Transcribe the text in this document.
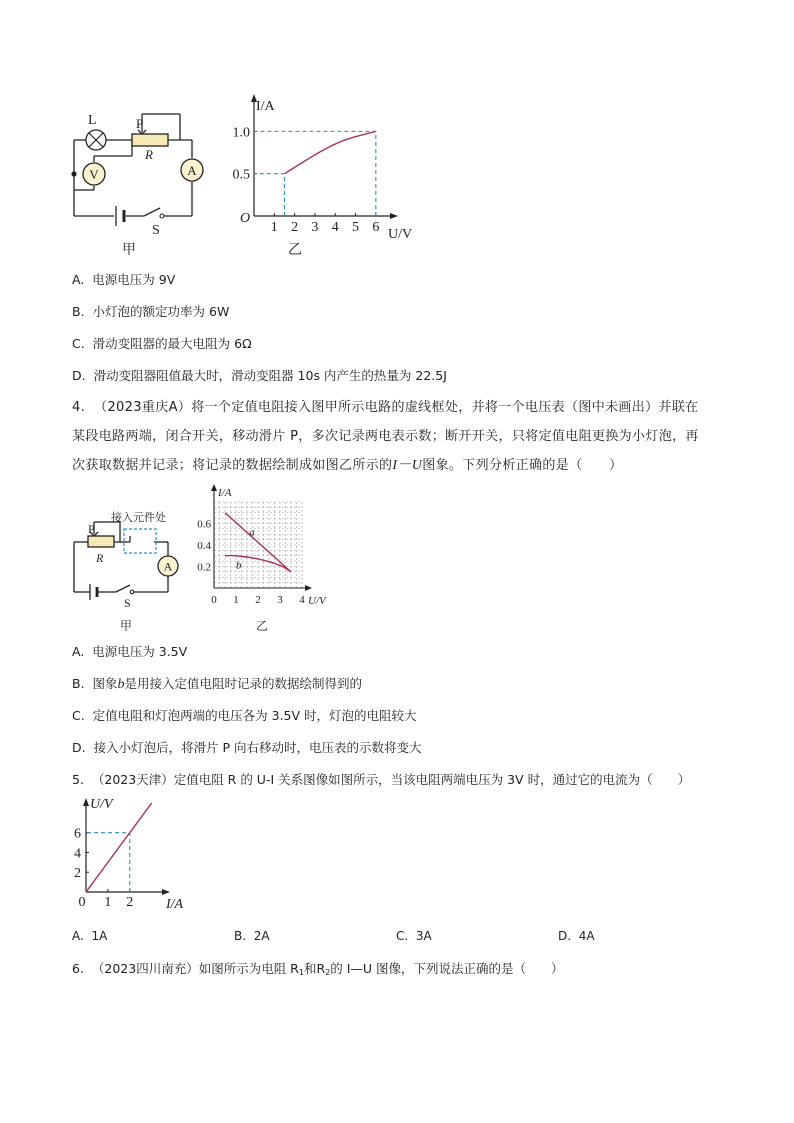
V	A
L	P
R
S
甲
1 2 3 4 5 6
0.5
1.0
O
I/A
U/V
乙
A. 电源电压为 9V
B. 小灯泡的额定功率为 6W
C. 滑动变阻器的最大电阻为 6Ω
D. 滑动变阻器阻值最大时，滑动变阻器 10s 内产生的热量为 22.5J
4. （2023重庆A）将一个定值电阻接入图甲所示电路的虚线框处，并将一个电压表（图中未画出）并联在
某段电路两端，闭合开关，移动滑片 P，多次记录两电表示数；断开开关，只将定值电阻更换为小灯泡，再
次获取数据并记录；将记录的数据绘制成如图乙所示的I－U图象。下列分析正确的是（　　）
接入元件处
A
P
R
S
甲
0 1 2 3 4
0.2
0.4
0.6
I/A
U/V
a
b
乙
A. 电源电压为 3.5V
B. 图象b是用接入定值电阻时记录的数据绘制得到的
C. 定值电阻和灯泡两端的电压各为 3.5V 时，灯泡的电阻较大
D. 接入小灯泡后，将滑片 P 向右移动时，电压表的示数将变大
5. （2023天津）定值电阻 R 的 U-I 关系图像如图所示，当该电阻两端电压为 3V 时，通过它的电流为（　　）
0 1 2
2
4
6
U/V
I/A
A. 1A	B. 2A	C. 3A	D. 4A
6. （2023四川南充）如图所示为电阻 $R_1$和$R_2$的 I—U 图像，下列说法正确的是（　　）
